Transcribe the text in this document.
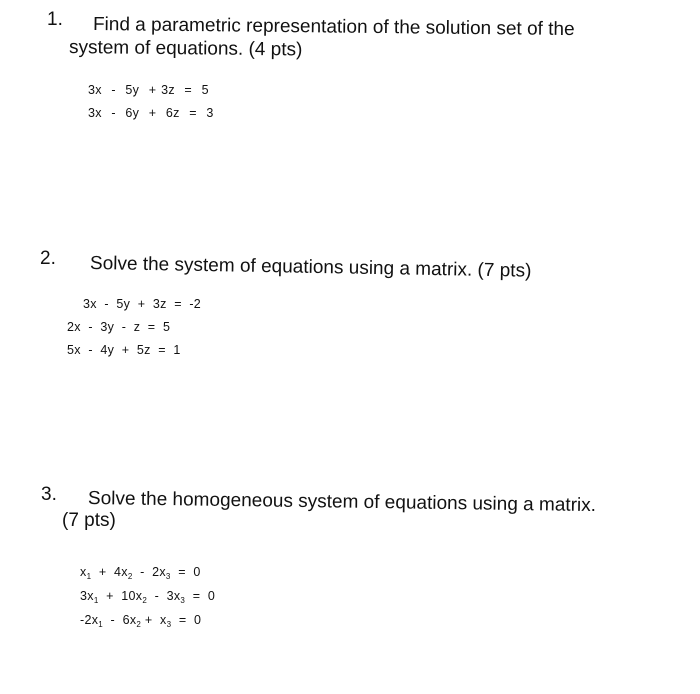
1. Find a parametric representation of the solution set of the
system of equations. (4 pts)
3x  -  5y  + 3z  =  5
3x  -  6y  +  6z  =  3
2. Solve the system of equations using a matrix. (7 pts)
3x  -  5y  +  3z  =  -2
2x  -  3y  -  z  =  5
5x  -  4y  +  5z  =  1
3. Solve the homogeneous system of equations using a matrix.
(7 pts)
$x_1 + 4x_2 - 2x_3 = 0$
$3x_1 + 10x_2 - 3x_3 = 0$
$-2x_1 - 6x_2 + x_3 = 0$
